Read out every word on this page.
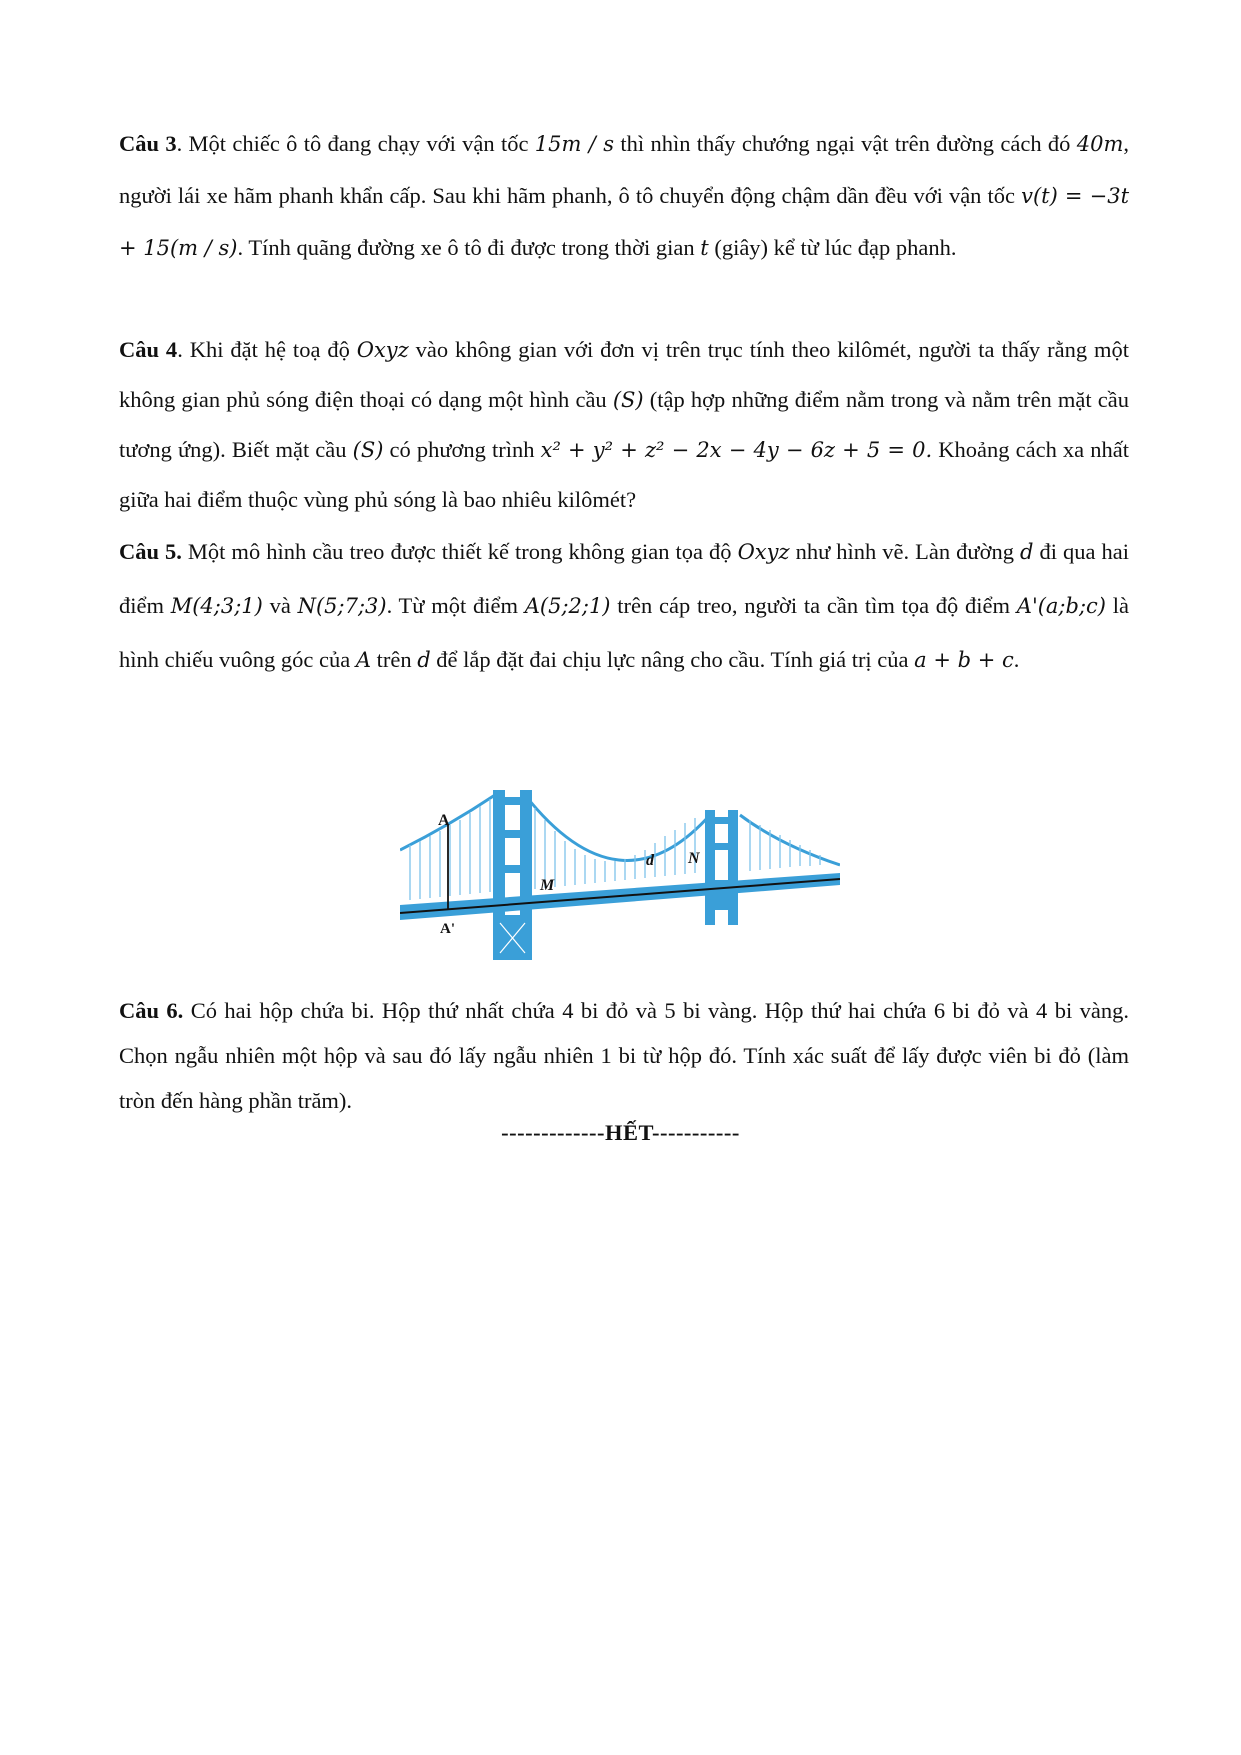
Câu 3. Một chiếc ô tô đang chạy với vận tốc 15m / s thì nhìn thấy chướng ngại vật trên đường cách đó 40m, người lái xe hãm phanh khẩn cấp. Sau khi hãm phanh, ô tô chuyển động chậm dần đều với vận tốc v(t) = −3t + 15(m / s). Tính quãng đường xe ô tô đi được trong thời gian t (giây) kể từ lúc đạp phanh.

Câu 4. Khi đặt hệ toạ độ Oxyz vào không gian với đơn vị trên trục tính theo kilômét, người ta thấy rằng một không gian phủ sóng điện thoại có dạng một hình cầu (S) (tập hợp những điểm nằm trong và nằm trên mặt cầu tương ứng). Biết mặt cầu (S) có phương trình x² + y² + z² − 2x − 4y − 6z + 5 = 0. Khoảng cách xa nhất giữa hai điểm thuộc vùng phủ sóng là bao nhiêu kilômét?

Câu 5. Một mô hình cầu treo được thiết kế trong không gian tọa độ Oxyz như hình vẽ. Làn đường d đi qua hai điểm M(4;3;1) và N(5;7;3). Từ một điểm A(5;2;1) trên cáp treo, người ta cần tìm tọa độ điểm A'(a;b;c) là hình chiếu vuông góc của A trên d để lắp đặt đai chịu lực nâng cho cầu. Tính giá trị của a + b + c.

A
A'
M
d N

Câu 6. Có hai hộp chứa bi. Hộp thứ nhất chứa 4 bi đỏ và 5 bi vàng. Hộp thứ hai chứa 6 bi đỏ và 4 bi vàng. Chọn ngẫu nhiên một hộp và sau đó lấy ngẫu nhiên 1 bi từ hộp đó. Tính xác suất để lấy được viên bi đỏ (làm tròn đến hàng phần trăm).

-------------HẾT-----------
